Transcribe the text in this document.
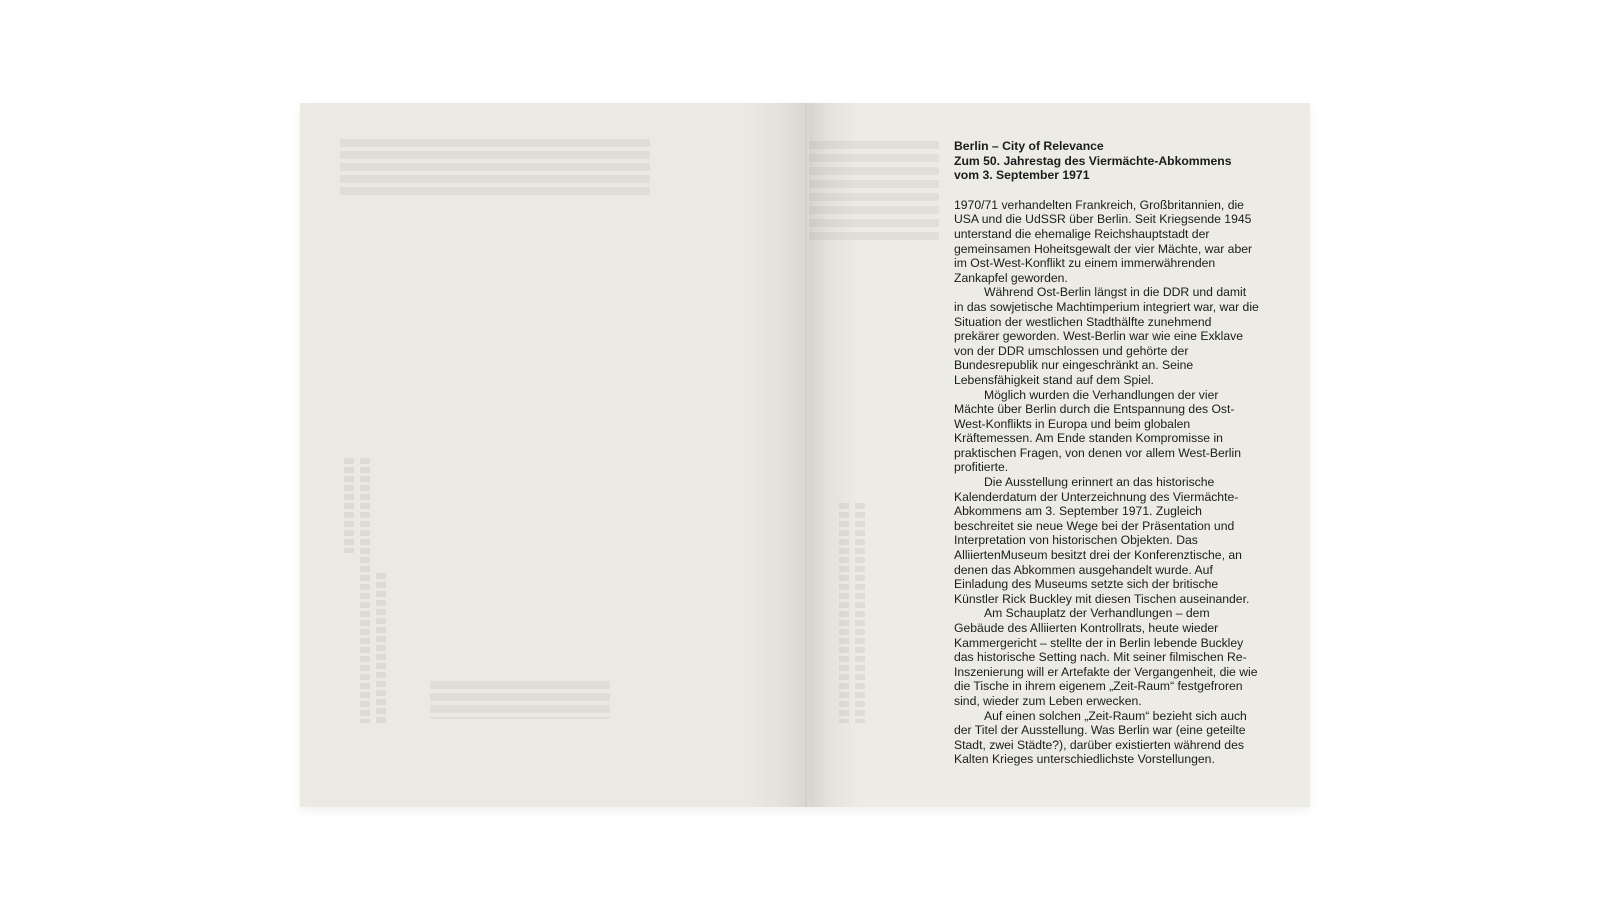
Berlin – City of Relevance
Zum 50. Jahrestag des Viermächte-Abkommens
vom 3. September 1971

1970/71 verhandelten Frankreich, Großbritannien, die USA und die UdSSR über Berlin. Seit Kriegsende 1945 unterstand die ehemalige Reichshauptstadt der gemeinsamen Hoheitsgewalt der vier Mächte, war aber im Ost-West-Konflikt zu einem immerwährenden Zankapfel geworden.

Während Ost-Berlin längst in die DDR und damit in das sowjetische Machtimperium integriert war, war die Situation der westlichen Stadthälfte zunehmend prekärer geworden. West-Berlin war wie eine Exklave von der DDR umschlossen und gehörte der Bundesrepublik nur eingeschränkt an. Seine Lebensfähigkeit stand auf dem Spiel.

Möglich wurden die Verhandlungen der vier Mächte über Berlin durch die Entspannung des Ost-West-Konflikts in Europa und beim globalen Kräftemessen. Am Ende standen Kompromisse in praktischen Fragen, von denen vor allem West-Berlin profitierte.

Die Ausstellung erinnert an das historische Kalenderdatum der Unterzeichnung des Viermächte-Abkommens am 3. September 1971. Zugleich beschreitet sie neue Wege bei der Präsentation und Interpretation von historischen Objekten. Das AlliiertenMuseum besitzt drei der Konferenztische, an denen das Abkommen ausgehandelt wurde. Auf Einladung des Museums setzte sich der britische Künstler Rick Buckley mit diesen Tischen auseinander.

Am Schauplatz der Verhandlungen – dem Gebäude des Alliierten Kontrollrats, heute wieder Kammergericht – stellte der in Berlin lebende Buckley das historische Setting nach. Mit seiner filmischen Re-Inszenierung will er Artefakte der Vergangenheit, die wie die Tische in ihrem eigenem „Zeit-Raum“ festgefroren sind, wieder zum Leben erwecken.

Auf einen solchen „Zeit-Raum“ bezieht sich auch der Titel der Ausstellung. Was Berlin war (eine geteilte Stadt, zwei Städte?), darüber existierten während des Kalten Krieges unterschiedlichste Vorstellungen.
